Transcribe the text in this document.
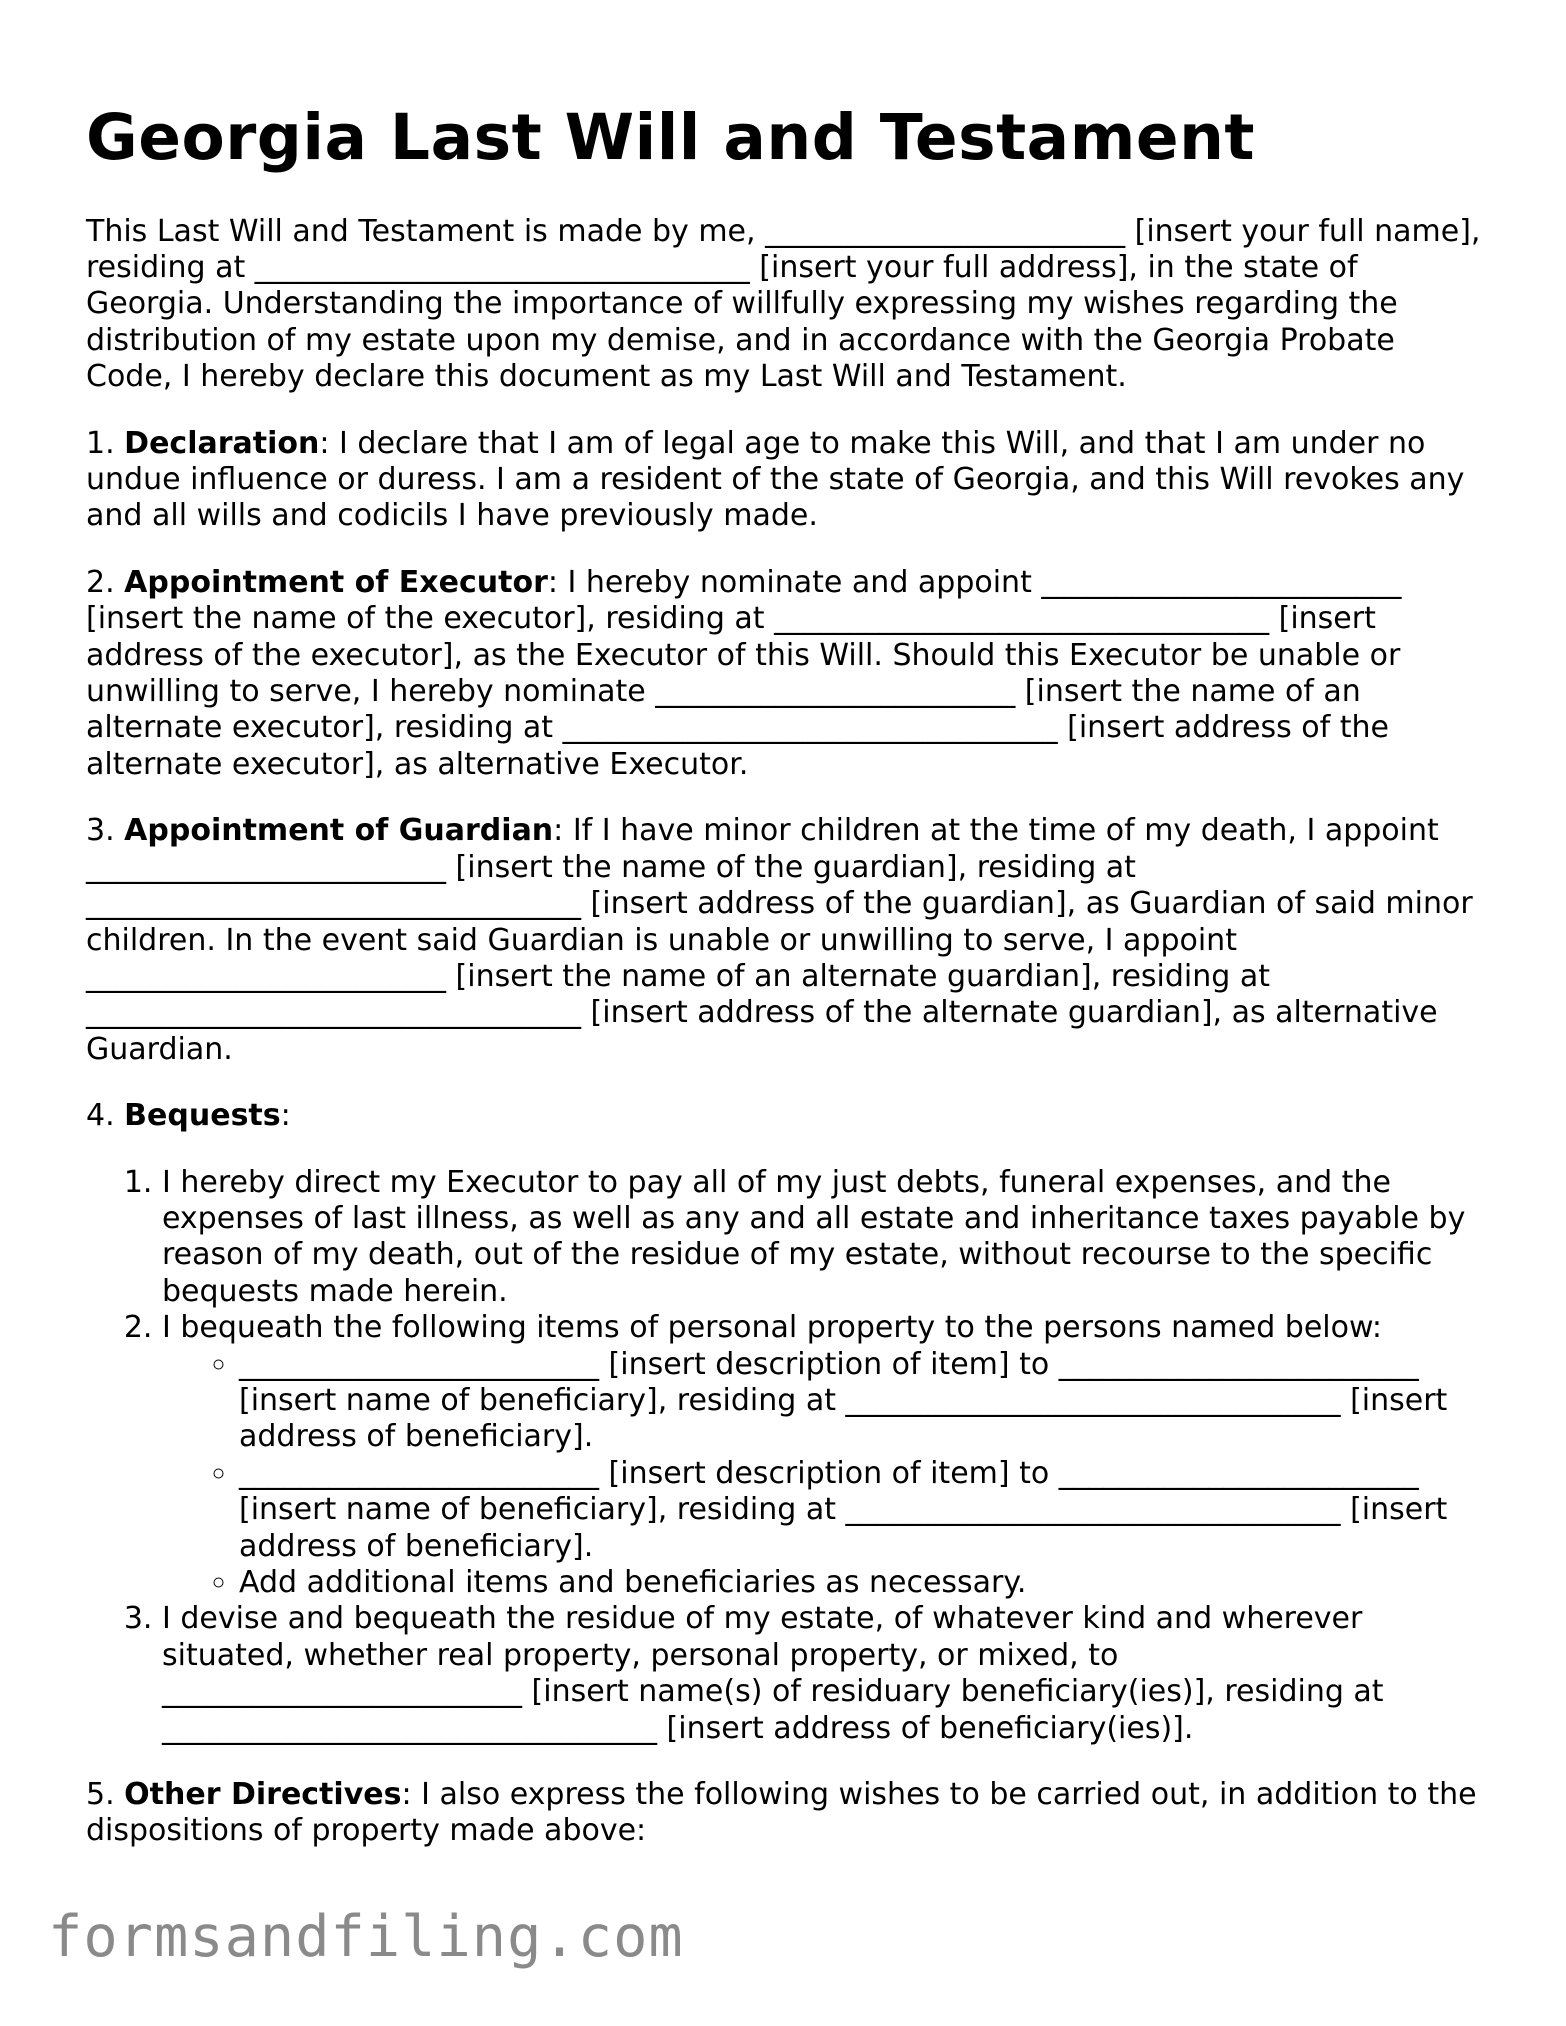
Georgia Last Will and Testament

This Last Will and Testament is made by me, ________________________ [insert your full name], residing at _________________________________ [insert your full address], in the state of Georgia. Understanding the importance of willfully expressing my wishes regarding the distribution of my estate upon my demise, and in accordance with the Georgia Probate Code, I hereby declare this document as my Last Will and Testament.

1. Declaration: I declare that I am of legal age to make this Will, and that I am under no undue influence or duress. I am a resident of the state of Georgia, and this Will revokes any and all wills and codicils I have previously made.

2. Appointment of Executor: I hereby nominate and appoint ________________________ [insert the name of the executor], residing at _________________________________ [insert address of the executor], as the Executor of this Will. Should this Executor be unable or unwilling to serve, I hereby nominate ________________________ [insert the name of an alternate executor], residing at _________________________________ [insert address of the alternate executor], as alternative Executor.

3. Appointment of Guardian: If I have minor children at the time of my death, I appoint ________________________ [insert the name of the guardian], residing at _________________________________ [insert address of the guardian], as Guardian of said minor children. In the event said Guardian is unable or unwilling to serve, I appoint ________________________ [insert the name of an alternate guardian], residing at _________________________________ [insert address of the alternate guardian], as alternative Guardian.

4. Bequests:

1. I hereby direct my Executor to pay all of my just debts, funeral expenses, and the expenses of last illness, as well as any and all estate and inheritance taxes payable by reason of my death, out of the residue of my estate, without recourse to the specific bequests made herein.
2. I bequeath the following items of personal property to the persons named below:
◦ ________________________ [insert description of item] to ________________________ [insert name of beneficiary], residing at _________________________________ [insert address of beneficiary].
◦ ________________________ [insert description of item] to ________________________ [insert name of beneficiary], residing at _________________________________ [insert address of beneficiary].
◦ Add additional items and beneficiaries as necessary.
3. I devise and bequeath the residue of my estate, of whatever kind and wherever situated, whether real property, personal property, or mixed, to ________________________ [insert name(s) of residuary beneficiary(ies)], residing at _________________________________ [insert address of beneficiary(ies)].

5. Other Directives: I also express the following wishes to be carried out, in addition to the dispositions of property made above:

formsandfiling.com
